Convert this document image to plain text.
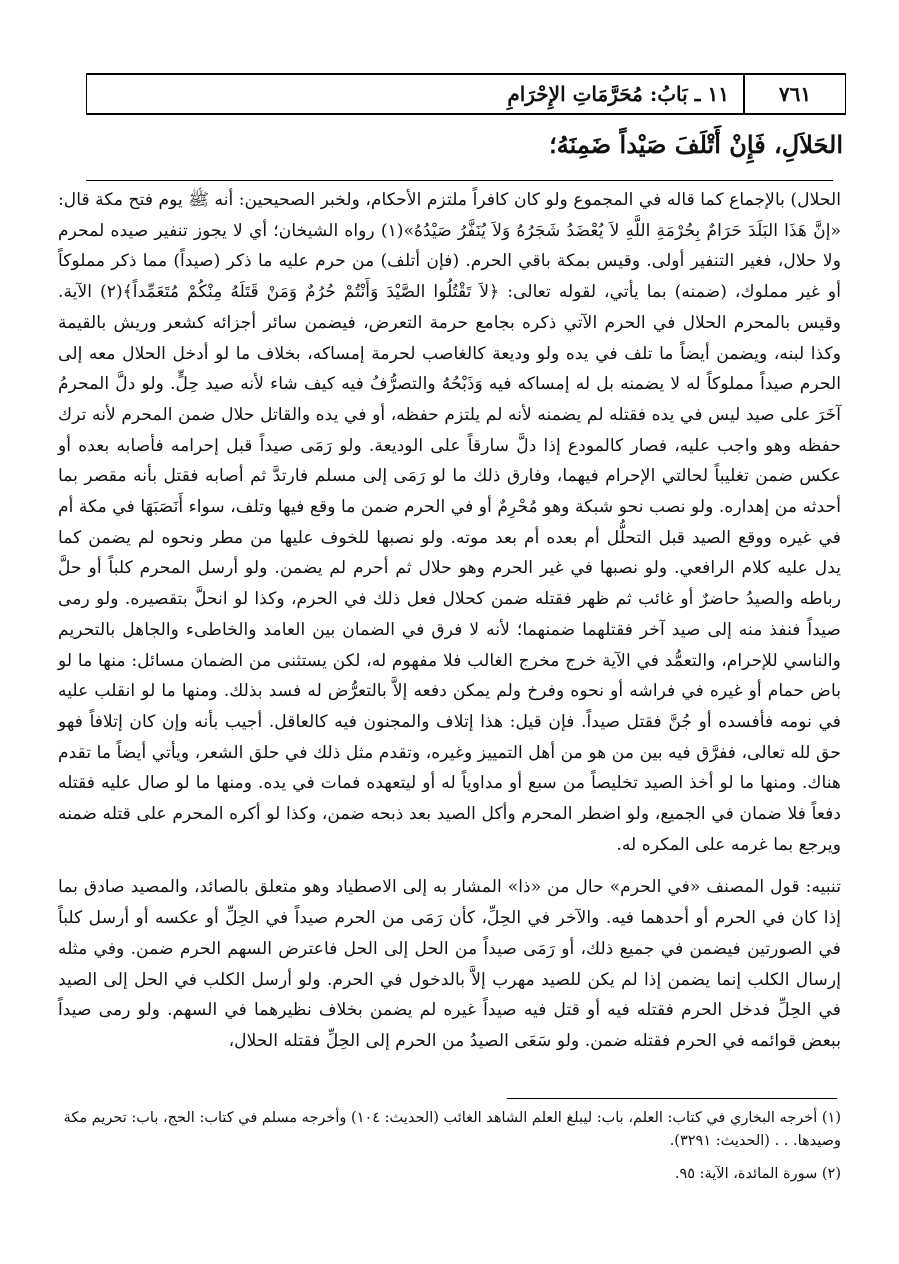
١١ ـ بَابُ: مُحَرَّمَاتِ الإِحْرَامِ	٧٦١
الحَلاَلِ، فَإِنْ أَتْلَفَ صَيْداً ضَمِنَهُ؛

الحلال) بالإجماع كما قاله في المجموع ولو كان كافراً ملتزم الأحكام، ولخبر الصحيحين: أنه ﷺ يوم فتح مكة قال: «إنَّ هَذَا البَلَدَ حَرَامٌ بِحُرْمَةِ اللَّهِ لاَ يُعْضَدُ شَجَرُهُ وَلاَ يُنَفَّرُ صَيْدُهُ»(١) رواه الشيخان؛ أي لا يجوز تنفير صيده لمحرم ولا حلال، فغير التنفير أولى. وقيس بمكة باقي الحرم. (فإن أتلف) من حرم عليه ما ذكر (صيداً) مما ذكر مملوكاً أو غير مملوك، (ضمنه) بما يأتي، لقوله تعالى: ﴿لاَ تَقْتُلُوا الصَّيْدَ وَأَنْتُمْ حُرُمٌ وَمَنْ قَتَلَهُ مِنْكُمْ مُتَعَمِّداً﴾(٢) الآية. وقيس بالمحرم الحلال في الحرم الآتي ذكره بجامع حرمة التعرض، فيضمن سائر أجزائه كشعر وريش بالقيمة وكذا لبنه، ويضمن أيضاً ما تلف في يده ولو وديعة كالغاصب لحرمة إمساكه، بخلاف ما لو أدخل الحلال معه إلى الحرم صيداً مملوكاً له لا يضمنه بل له إمساكه فيه وَذَبْحُهُ والتصرُّفُ فيه كيف شاء لأنه صيد حِلٍّ. ولو دلَّ المحرمُ آخَرَ على صيد ليس في يده فقتله لم يضمنه لأنه لم يلتزم حفظه، أو في يده والقاتل حلال ضمن المحرم لأنه ترك حفظه وهو واجب عليه، فصار كالمودع إذا دلَّ سارقاً على الوديعة. ولو رَمَى صيداً قبل إحرامه فأصابه بعده أو عكس ضمن تغليباً لحالتي الإحرام فيهما، وفارق ذلك ما لو رَمَى إلى مسلم فارتدَّ ثم أصابه فقتل بأنه مقصر بما أحدثه من إهداره. ولو نصب نحو شبكة وهو مُحْرِمٌ أو في الحرم ضمن ما وقع فيها وتلف، سواء أَنَصَبَهَا في مكة أم في غيره ووقع الصيد قبل التحلُّل أم بعده أم بعد موته. ولو نصبها للخوف عليها من مطر ونحوه لم يضمن كما يدل عليه كلام الرافعي. ولو نصبها في غير الحرم وهو حلال ثم أحرم لم يضمن. ولو أرسل المحرم كلباً أو حلَّ رباطه والصيدُ حاضرٌ أو غائب ثم ظهر فقتله ضمن كحلال فعل ذلك في الحرم، وكذا لو انحلَّ بتقصيره. ولو رمى صيداً فنفذ منه إلى صيد آخر فقتلهما ضمنهما؛ لأنه لا فرق في الضمان بين العامد والخاطىء والجاهل بالتحريم والناسي للإحرام، والتعمُّد في الآية خرج مخرج الغالب فلا مفهوم له، لكن يستثنى من الضمان مسائل: منها ما لو باض حمام أو غيره في فراشه أو نحوه وفرخ ولم يمكن دفعه إلاَّ بالتعرُّض له فسد بذلك. ومنها ما لو انقلب عليه في نومه فأفسده أو جُنَّ فقتل صيداً. فإن قيل: هذا إتلاف والمجنون فيه كالعاقل. أجيب بأنه وإن كان إتلافاً فهو حق لله تعالى، ففرَّق فيه بين من هو من أهل التمييز وغيره، وتقدم مثل ذلك في حلق الشعر، ويأتي أيضاً ما تقدم هناك. ومنها ما لو أخذ الصيد تخليصاً من سبع أو مداوياً له أو ليتعهده فمات في يده. ومنها ما لو صال عليه فقتله دفعاً فلا ضمان في الجميع، ولو اضطر المحرم وأكل الصيد بعد ذبحه ضمن، وكذا لو أكره المحرم على قتله ضمنه ويرجع بما غرمه على المكره له.

تنبيه: قول المصنف «في الحرم» حال من «ذا» المشار به إلى الاصطياد وهو متعلق بالصائد، والمصيد صادق بما إذا كان في الحرم أو أحدهما فيه. والآخر في الحِلِّ، كأن رَمَى من الحرم صيداً في الحِلِّ أو عكسه أو أرسل كلباً في الصورتين فيضمن في جميع ذلك، أو رَمَى صيداً من الحل إلى الحل فاعترض السهم الحرم ضمن. وفي مثله إرسال الكلب إنما يضمن إذا لم يكن للصيد مهرب إلاَّ بالدخول في الحرم. ولو أرسل الكلب في الحل إلى الصيد في الحِلِّ فدخل الحرم فقتله فيه أو قتل فيه صيداً غيره لم يضمن بخلاف نظيرهما في السهم. ولو رمى صيداً ببعض قوائمه في الحرم فقتله ضمن. ولو سَعَى الصيدُ من الحرم إلى الحِلِّ فقتله الحلال،

(١) أخرجه البخاري في كتاب: العلم، باب: ليبلغ العلم الشاهد الغائب (الحديث: ١٠٤) وأخرجه مسلم في كتاب: الحج، باب: تحريم مكة وصيدها. . . (الحديث: ٣٢٩١).

(٢) سورة المائدة، الآية: ٩٥.
